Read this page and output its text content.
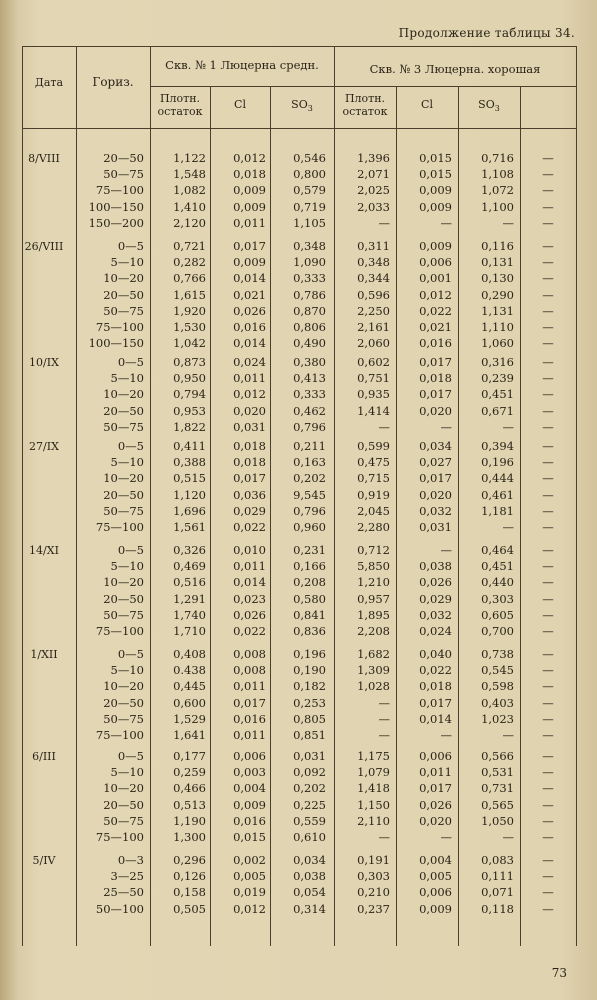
Продолжение таблицы 34.
Дата	Гориз.
Скв. № 1 Люцерна средн.	Скв. № 3 Люцерна. хорошая
Плотн.
остаток
Cl	$SO_3$
Плотн.
остаток
Cl	$SO_3$
8/VIII	20—50	1,122	0,012	0,546	1,396	0,015	0,716	—
50—75	1,548	0,018	0,800	2,071	0,015	1,108	—
75—100	1,082	0,009	0,579	2,025	0,009	1,072	—
100—150	1,410	0,009	0,719	2,033	0,009	1,100	—
150—200	2,120	0,011	1,105	—	—	—	—
26/VIII	0—5	0,721	0,017	0,348	0,311	0,009	0,116	—
5—10	0,282	0,009	1,090	0,348	0,006	0,131	—
10—20	0,766	0,014	0,333	0,344	0,001	0,130	—
20—50	1,615	0,021	0,786	0,596	0,012	0,290	—
50—75	1,920	0,026	0,870	2,250	0,022	1,131	—
75—100	1,530	0,016	0,806	2,161	0,021	1,110	—
100—150	1,042	0,014	0,490	2,060	0,016	1,060	—
10/IX	0—5	0,873	0,024	0,380	0,602	0,017	0,316	—
5—10	0,950	0,011	0,413	0,751	0,018	0,239	—
10—20	0,794	0,012	0,333	0,935	0,017	0,451	—
20—50	0,953	0,020	0,462	1,414	0,020	0,671	—
50—75	1,822	0,031	0,796	—	—	—	—
27/IX	0—5	0,411	0,018	0,211	0,599	0,034	0,394	—
5—10	0,388	0,018	0,163	0,475	0,027	0,196	—
10—20	0,515	0,017	0,202	0,715	0,017	0,444	—
20—50	1,120	0,036	9,545	0,919	0,020	0,461	—
50—75	1,696	0,029	0,796	2,045	0,032	1,181	—
75—100	1,561	0,022	0,960	2,280	0,031	—	—
14/XI	0—5	0,326	0,010	0,231	0,712	—	0,464	—
5—10	0,469	0,011	0,166	5,850	0,038	0,451	—
10—20	0,516	0,014	0,208	1,210	0,026	0,440	—
20—50	1,291	0,023	0,580	0,957	0,029	0,303	—
50—75	1,740	0,026	0,841	1,895	0,032	0,605	—
75—100	1,710	0,022	0,836	2,208	0,024	0,700	—
1/XII	0—5	0,408	0,008	0,196	1,682	0,040	0,738	—
5—10	0.438	0,008	0,190	1,309	0,022	0,545	—
10—20	0,445	0,011	0,182	1,028	0,018	0,598	—
20—50	0,600	0,017	0,253	—	0,017	0,403	—
50—75	1,529	0,016	0,805	—	0,014	1,023	—
75—100	1,641	0,011	0,851	—	—	—	—
6/III	0—5	0,177	0,006	0,031	1,175	0,006	0,566	—
5—10	0,259	0,003	0,092	1,079	0,011	0,531	—
10—20	0,466	0,004	0,202	1,418	0,017	0,731	—
20—50	0,513	0,009	0,225	1,150	0,026	0,565	—
50—75	1,190	0,016	0,559	2,110	0,020	1,050	—
75—100	1,300	0,015	0,610	—	—	—	—
5/IV	0—3	0,296	0,002	0,034	0,191	0,004	0,083	—
3—25	0,126	0,005	0,038	0,303	0,005	0,111	—
25—50	0,158	0,019	0,054	0,210	0,006	0,071	—
50—100	0,505	0,012	0,314	0,237	0,009	0,118	—
73
